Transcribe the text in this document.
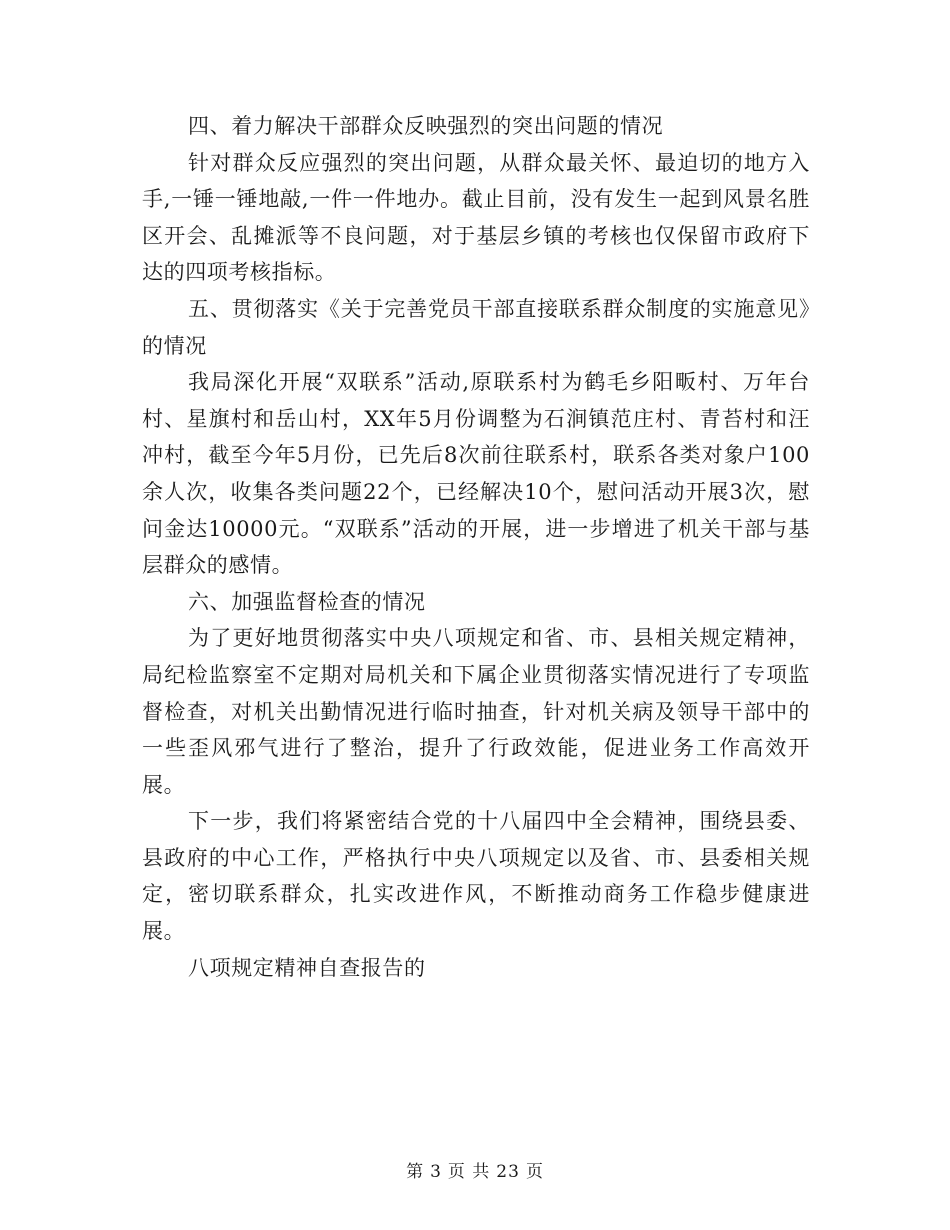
四、着力解决干部群众反映强烈的突出问题的情况

针对群众反应强烈的突出问题，从群众最关怀、最迫切的地方入手,一锤一锤地敲,一件一件地办。截止目前，没有发生一起到风景名胜区开会、乱摊派等不良问题，对于基层乡镇的考核也仅保留市政府下达的四项考核指标。

五、贯彻落实《关于完善党员干部直接联系群众制度的实施意见》的情况

我局深化开展“双联系”活动,原联系村为鹤毛乡阳畈村、万年台村、星旗村和岳山村，XX年5月份调整为石涧镇范庄村、青苔村和汪冲村，截至今年5月份，已先后8次前往联系村，联系各类对象户100余人次，收集各类问题22个，已经解决10个，慰问活动开展3次，慰问金达10000元。“双联系”活动的开展，进一步增进了机关干部与基层群众的感情。

六、加强监督检查的情况

为了更好地贯彻落实中央八项规定和省、市、县相关规定精神，局纪检监察室不定期对局机关和下属企业贯彻落实情况进行了专项监督检查，对机关出勤情况进行临时抽查，针对机关病及领导干部中的一些歪风邪气进行了整治，提升了行政效能，促进业务工作高效开展。

下一步，我们将紧密结合党的十八届四中全会精神，围绕县委、县政府的中心工作，严格执行中央八项规定以及省、市、县委相关规定，密切联系群众，扎实改进作风，不断推动商务工作稳步健康进展。

八项规定精神自查报告的

第 3 页 共 23 页
